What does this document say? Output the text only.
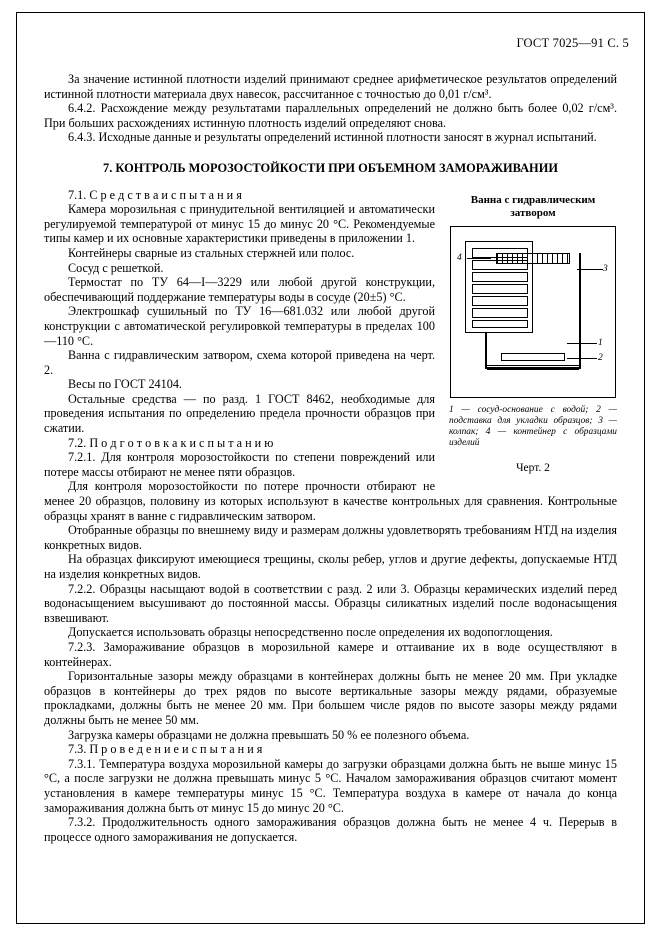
ГОСТ 7025—91 С. 5

За значение истинной плотности изделий принимают среднее арифметическое результатов определений истинной плотности материала двух навесок, рассчитанное с точностью до 0,01 г/см³.

6.4.2. Расхождение между результатами параллельных определений не должно быть более 0,02 г/см³. При больших расхождениях истинную плотность изделий определяют снова.

6.4.3. Исходные данные и результаты определений истинной плотности заносят в журнал испытаний.

7. КОНТРОЛЬ МОРОЗОСТОЙКОСТИ ПРИ ОБЪЕМНОМ ЗАМОРАЖИВАНИИ
Ванна с гидравлическим затвором
4
3
1
2
1 — сосуд-основание с водой; 2 — подставка для укладки образцов; 3 — колпак; 4 — контейнер с образцами изделий
Черт. 2

7.1. С р е д с т в а и с п ы т а н и я

Камера морозильная с принудительной вентиляцией и автоматически регулируемой температурой от минус 15 до минус 20 °С. Рекомендуемые типы камер и их основные характеристики приведены в приложении 1.

Контейнеры сварные из стальных стержней или полос.

Сосуд с решеткой.

Термостат по ТУ 64—I—3229 или любой другой конструкции, обеспечивающий поддержание температуры воды в сосуде (20±5) °С.

Электрошкаф сушильный по ТУ 16—681.032 или любой другой конструкции с автоматической регулировкой температуры в пределах 100—110 °С.

Ванна с гидравлическим затвором, схема которой приведена на черт. 2.

Весы по ГОСТ 24104.

Остальные средства — по разд. 1 ГОСТ 8462, необходимые для проведения испытания по определению предела прочности образцов при сжатии.

7.2. П о д г о т о в к а к и с п ы т а н и ю

7.2.1. Для контроля морозостойкости по степени повреждений или потере массы отбирают не менее пяти образцов.

Для контроля морозостойкости по потере прочности отбирают не менее 20 образцов, половину из которых используют в качестве контрольных для сравнения. Контрольные образцы хранят в ванне с гидравлическим затвором.

Отобранные образцы по внешнему виду и размерам должны удовлетворять требованиям НТД на изделия конкретных видов.

На образцах фиксируют имеющиеся трещины, сколы ребер, углов и другие дефекты, допускаемые НТД на изделия конкретных видов.

7.2.2. Образцы насыщают водой в соответствии с разд. 2 или 3. Образцы керамических изделий перед водонасыщением высушивают до постоянной массы. Образцы силикатных изделий после водонасыщения взвешивают.

Допускается использовать образцы непосредственно после определения их водопоглощения.

7.2.3. Замораживание образцов в морозильной камере и оттаивание их в воде осуществляют в контейнерах.

Горизонтальные зазоры между образцами в контейнерах должны быть не менее 20 мм. При укладке образцов в контейнеры до трех рядов по высоте вертикальные зазоры между рядами, образуемые прокладками, должны быть не менее 20 мм. При большем числе рядов по высоте зазоры между рядами должны быть не менее 50 мм.

Загрузка камеры образцами не должна превышать 50 % ее полезного объема.

7.3. П р о в е д е н и е и с п ы т а н и я

7.3.1. Температура воздуха морозильной камеры до загрузки образцами должна быть не выше минус 15 °С, а после загрузки не должна превышать минус 5 °С. Началом замораживания образцов считают момент установления в камере температуры минус 15 °С. Температура воздуха в камере от начала до конца замораживания должна быть от минус 15 до минус 20 °С.

7.3.2. Продолжительность одного замораживания образцов должна быть не менее 4 ч. Перерыв в процессе одного замораживания не допускается.
